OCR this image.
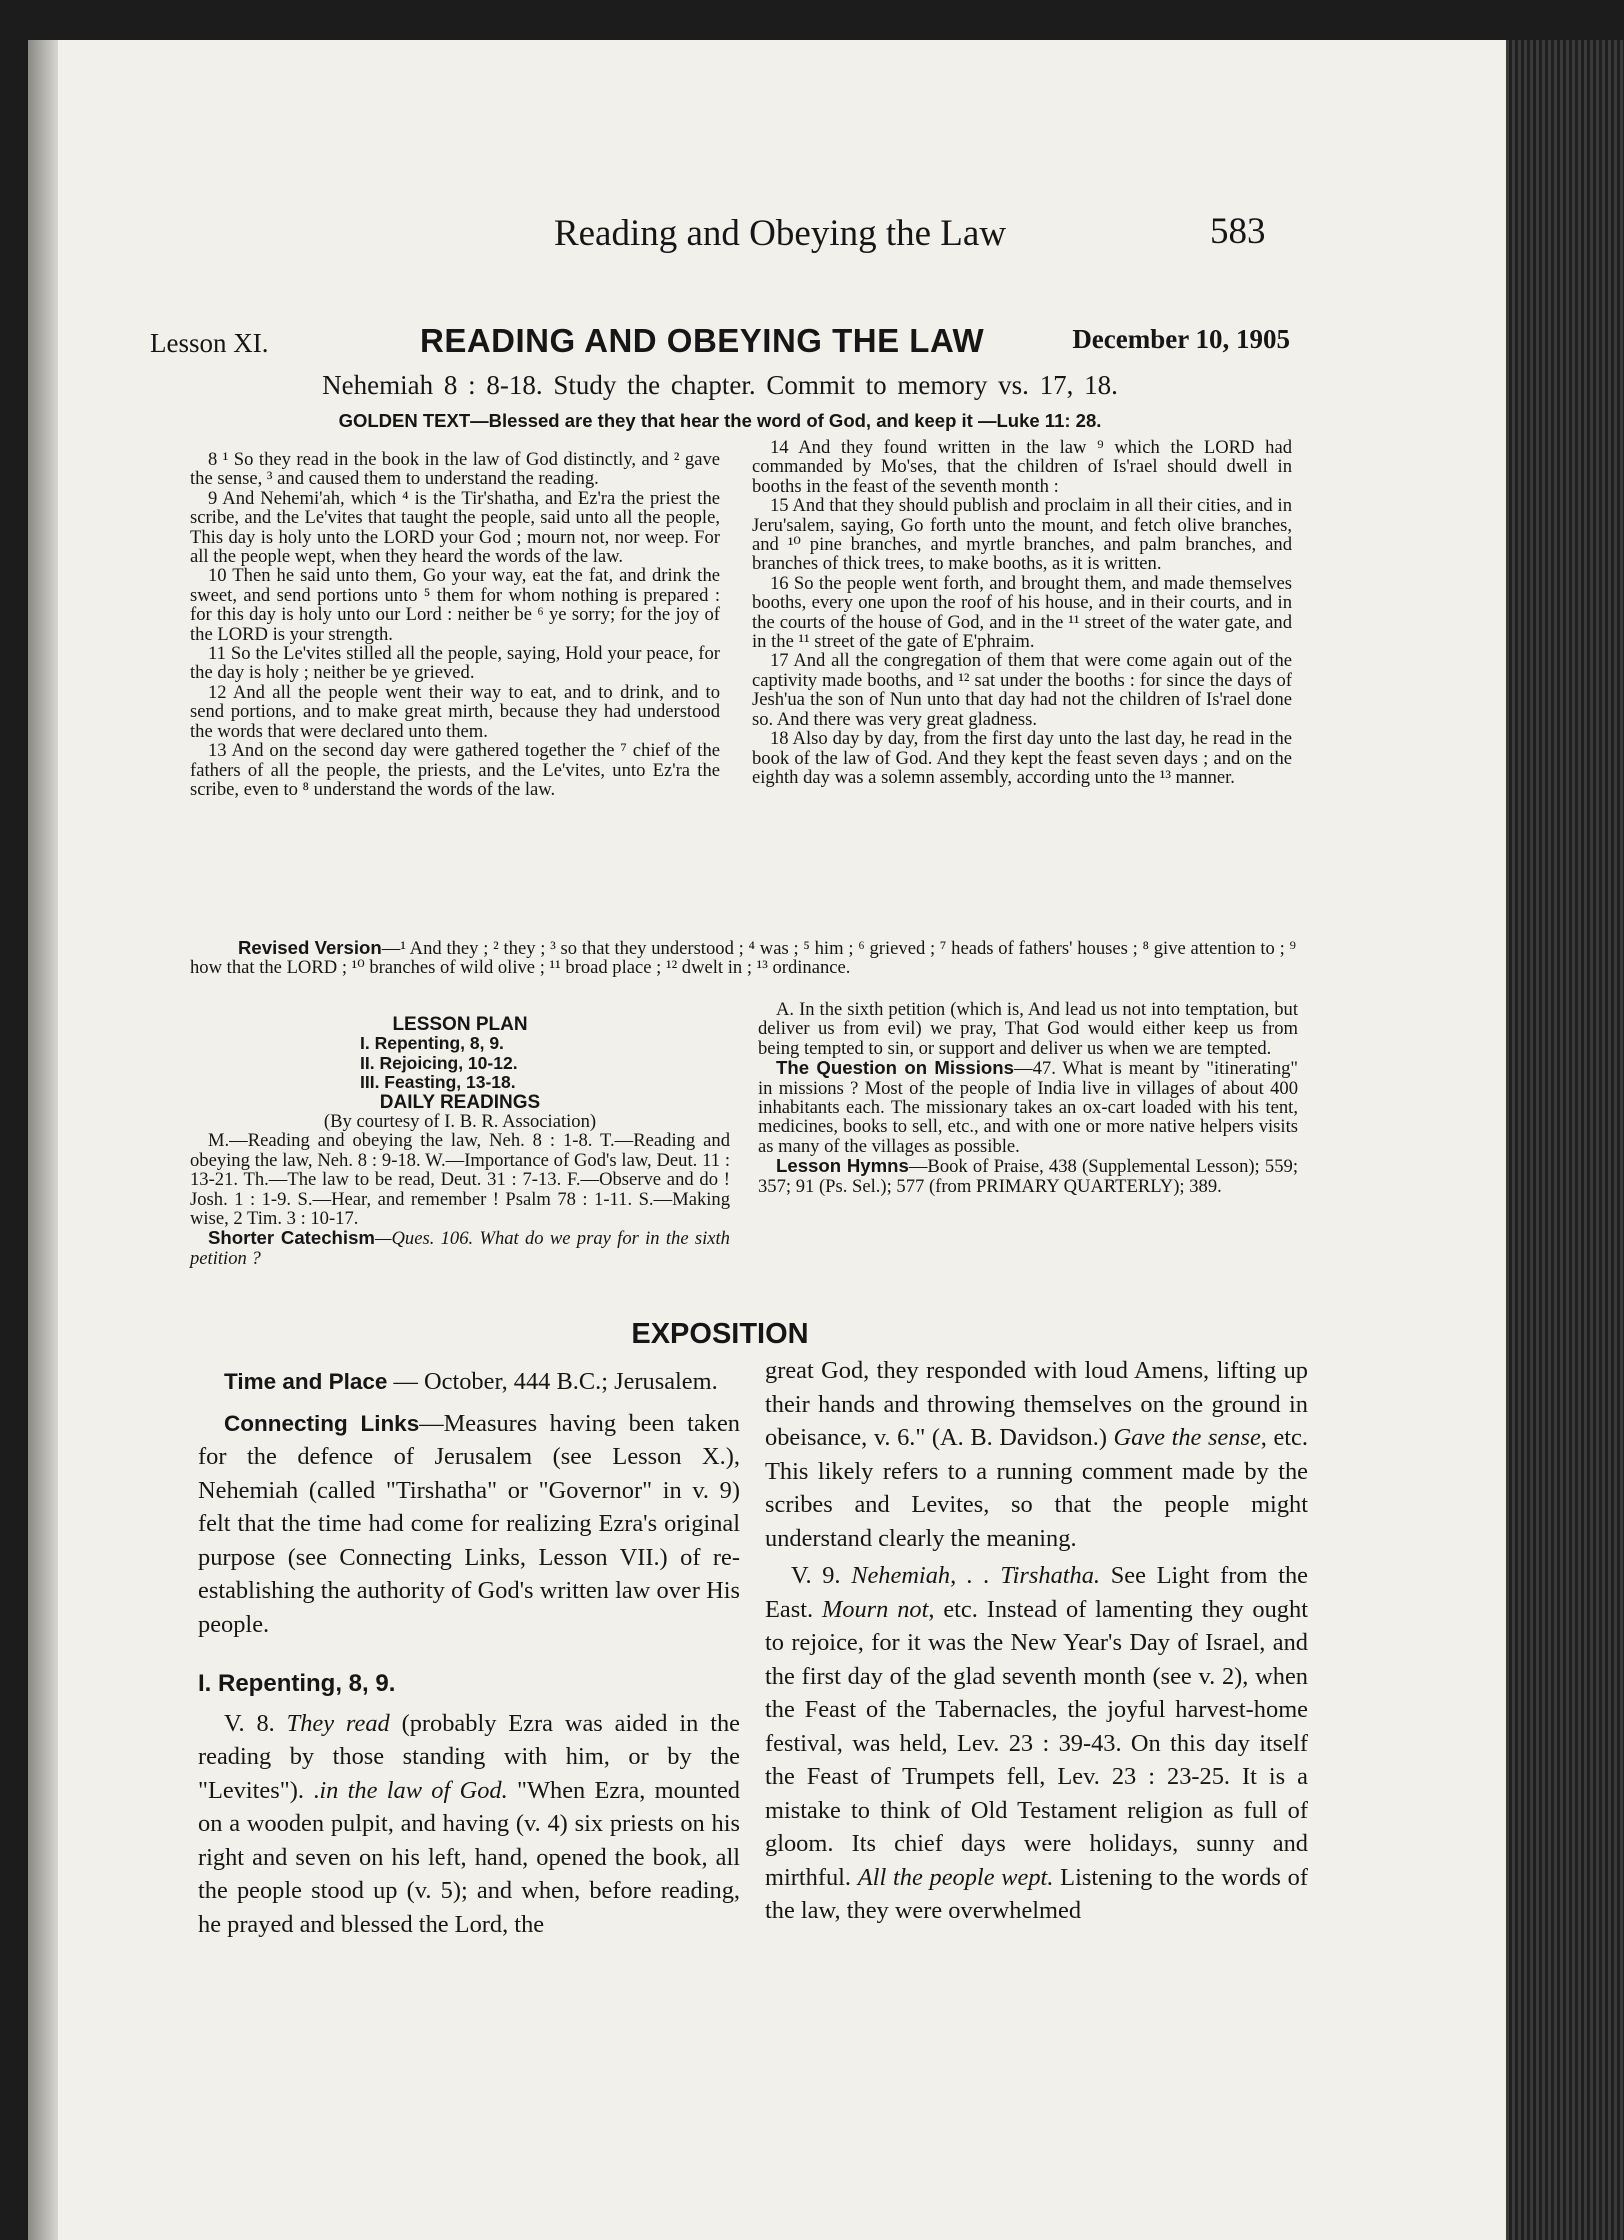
Reading and Obeying the Law	583
Lesson XI.	READING AND OBEYING THE LAW	December 10, 1905
Nehemiah 8 : 8-18. Study the chapter. Commit to memory vs. 17, 18.
GOLDEN TEXT—Blessed are they that hear the word of God, and keep it —Luke 11: 28.

8 ¹ So they read in the book in the law of God distinctly, and ² gave the sense, ³ and caused them to understand the reading.

9 And Nehemi'ah, which ⁴ is the Tir'shatha, and Ez'ra the priest the scribe, and the Le'vites that taught the people, said unto all the people, This day is holy unto the LORD your God ; mourn not, nor weep. For all the people wept, when they heard the words of the law.

10 Then he said unto them, Go your way, eat the fat, and drink the sweet, and send portions unto ⁵ them for whom nothing is prepared : for this day is holy unto our Lord : neither be ⁶ ye sorry; for the joy of the LORD is your strength.

11 So the Le'vites stilled all the people, saying, Hold your peace, for the day is holy ; neither be ye grieved.

12 And all the people went their way to eat, and to drink, and to send portions, and to make great mirth, because they had understood the words that were declared unto them.

13 And on the second day were gathered together the ⁷ chief of the fathers of all the people, the priests, and the Le'vites, unto Ez'ra the scribe, even to ⁸ understand the words of the law.

14 And they found written in the law ⁹ which the LORD had commanded by Mo'ses, that the children of Is'rael should dwell in booths in the feast of the seventh month :

15 And that they should publish and proclaim in all their cities, and in Jeru'salem, saying, Go forth unto the mount, and fetch olive branches, and ¹⁰ pine branches, and myrtle branches, and palm branches, and branches of thick trees, to make booths, as it is written.

16 So the people went forth, and brought them, and made themselves booths, every one upon the roof of his house, and in their courts, and in the courts of the house of God, and in the ¹¹ street of the water gate, and in the ¹¹ street of the gate of E'phraim.

17 And all the congregation of them that were come again out of the captivity made booths, and ¹² sat under the booths : for since the days of Jesh'ua the son of Nun unto that day had not the children of Is'rael done so. And there was very great gladness.

18 Also day by day, from the first day unto the last day, he read in the book of the law of God. And they kept the feast seven days ; and on the eighth day was a solemn assembly, according unto the ¹³ manner.

Revised Version—¹ And they ; ² they ; ³ so that they understood ; ⁴ was ; ⁵ him ; ⁶ grieved ; ⁷ heads of fathers' houses ; ⁸ give attention to ; ⁹ how that the LORD ; ¹⁰ branches of wild olive ; ¹¹ broad place ; ¹² dwelt in ; ¹³ ordinance.
LESSON PLAN
I. Repenting, 8, 9.
II. Rejoicing, 10-12.
III. Feasting, 13-18.
DAILY READINGS
(By courtesy of I. B. R. Association)

M.—Reading and obeying the law, Neh. 8 : 1-8. T.—Reading and obeying the law, Neh. 8 : 9-18. W.—Importance of God's law, Deut. 11 : 13-21. Th.—The law to be read, Deut. 31 : 7-13. F.—Observe and do ! Josh. 1 : 1-9. S.—Hear, and remember ! Psalm 78 : 1-11. S.—Making wise, 2 Tim. 3 : 10-17.

Shorter Catechism—Ques. 106. What do we pray for in the sixth petition ?

A. In the sixth petition (which is, And lead us not into temptation, but deliver us from evil) we pray, That God would either keep us from being tempted to sin, or support and deliver us when we are tempted.

The Question on Missions—47. What is meant by "itinerating" in missions ? Most of the people of India live in villages of about 400 inhabitants each. The missionary takes an ox-cart loaded with his tent, medicines, books to sell, etc., and with one or more native helpers visits as many of the villages as possible.

Lesson Hymns—Book of Praise, 438 (Supplemental Lesson); 559; 357; 91 (Ps. Sel.); 577 (from PRIMARY QUARTERLY); 389.

EXPOSITION

Time and Place — October, 444 B.C.; Jerusalem.

Connecting Links—Measures having been taken for the defence of Jerusalem (see Lesson X.), Nehemiah (called "Tirshatha" or "Governor" in v. 9) felt that the time had come for realizing Ezra's original purpose (see Connecting Links, Lesson VII.) of re-establishing the authority of God's written law over His people.

I. Repenting, 8, 9.

V. 8. They read (probably Ezra was aided in the reading by those standing with him, or by the "Levites"). .in the law of God. "When Ezra, mounted on a wooden pulpit, and having (v. 4) six priests on his right and seven on his left, hand, opened the book, all the people stood up (v. 5); and when, before reading, he prayed and blessed the Lord, the

great God, they responded with loud Amens, lifting up their hands and throwing themselves on the ground in obeisance, v. 6." (A. B. Davidson.) Gave the sense, etc. This likely refers to a running comment made by the scribes and Levites, so that the people might understand clearly the meaning.

V. 9. Nehemiah, . . Tirshatha. See Light from the East. Mourn not, etc. Instead of lamenting they ought to rejoice, for it was the New Year's Day of Israel, and the first day of the glad seventh month (see v. 2), when the Feast of the Tabernacles, the joyful harvest-home festival, was held, Lev. 23 : 39-43. On this day itself the Feast of Trumpets fell, Lev. 23 : 23-25. It is a mistake to think of Old Testament religion as full of gloom. Its chief days were holidays, sunny and mirthful. All the people wept. Listening to the words of the law, they were overwhelmed
